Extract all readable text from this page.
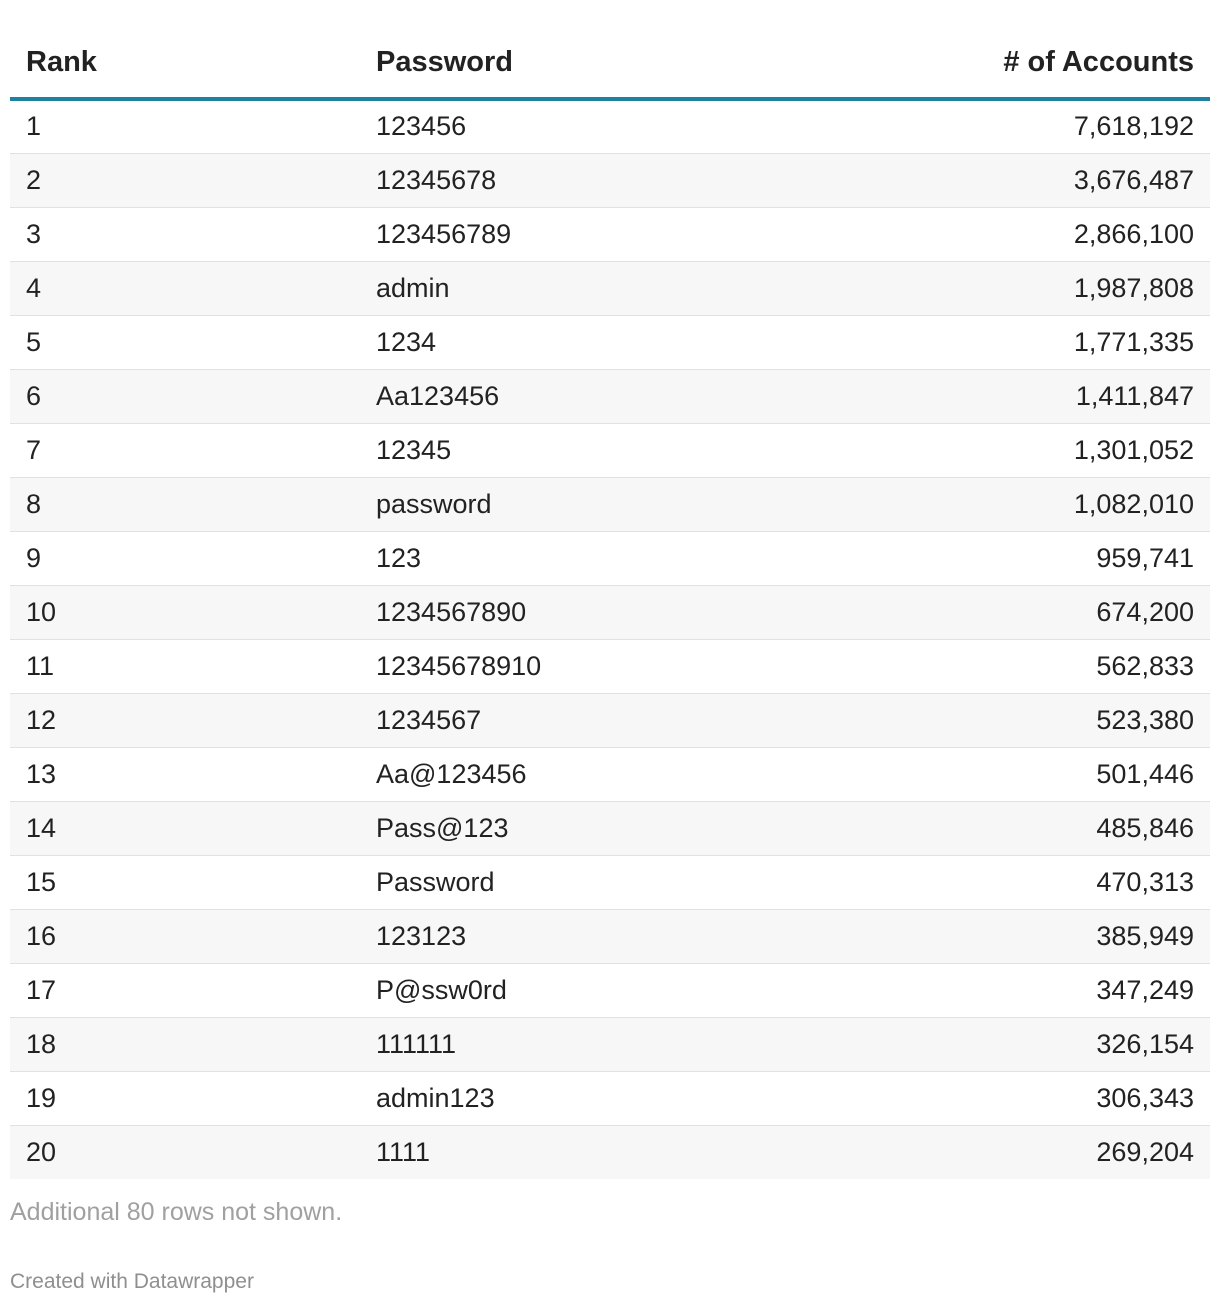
Rank	Password	# of Accounts
1	123456	7,618,192
2	12345678	3,676,487
3	123456789	2,866,100
4	admin	1,987,808
5	1234	1,771,335
6	Aa123456	1,411,847
7	12345	1,301,052
8	password	1,082,010
9	123	959,741
10	1234567890	674,200
11	12345678910	562,833
12	1234567	523,380
13	Aa@123456	501,446
14	Pass@123	485,846
15	Password	470,313
16	123123	385,949
17	P@ssw0rd	347,249
18	111111	326,154
19	admin123	306,343
20	1111	269,204
Additional 80 rows not shown.
Created with Datawrapper
